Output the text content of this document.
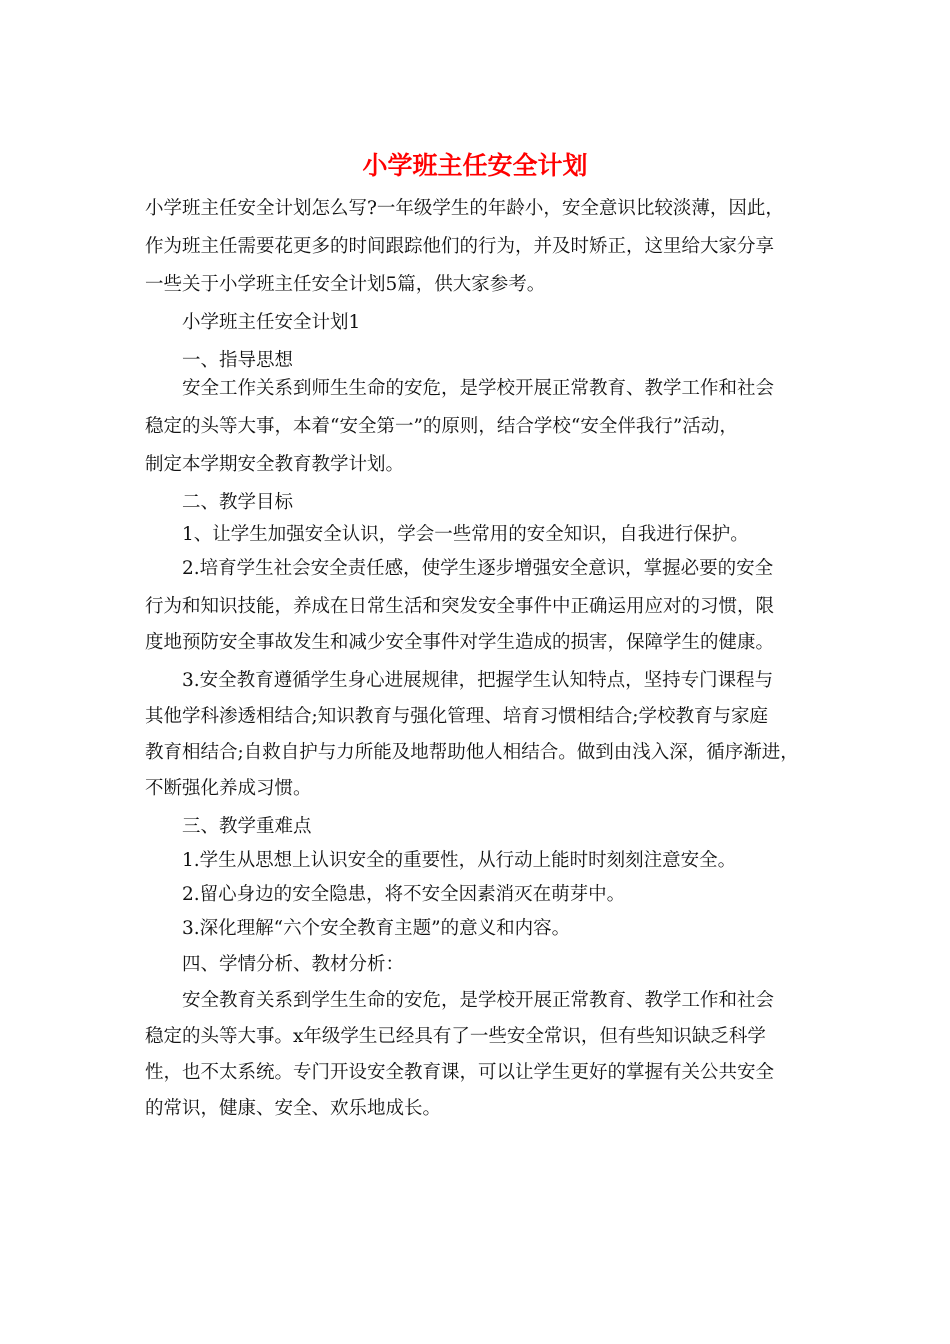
小学班主任安全计划

小学班主任安全计划怎么写?一年级学生的年龄小，安全意识比较淡薄，因此，

作为班主任需要花更多的时间跟踪他们的行为，并及时矫正，这里给大家分享

一些关于小学班主任安全计划5篇，供大家参考。

小学班主任安全计划1

一、指导思想

安全工作关系到师生生命的安危，是学校开展正常教育、教学工作和社会

稳定的头等大事，本着“安全第一”的原则，结合学校“安全伴我行”活动，

制定本学期安全教育教学计划。

二、教学目标

1、让学生加强安全认识，学会一些常用的安全知识，自我进行保护。

2.培育学生社会安全责任感，使学生逐步增强安全意识，掌握必要的安全

行为和知识技能，养成在日常生活和突发安全事件中正确运用应对的习惯，限

度地预防安全事故发生和减少安全事件对学生造成的损害，保障学生的健康。

3.安全教育遵循学生身心进展规律，把握学生认知特点，坚持专门课程与

其他学科渗透相结合;知识教育与强化管理、培育习惯相结合;学校教育与家庭

教育相结合;自救自护与力所能及地帮助他人相结合。做到由浅入深，循序渐进，

不断强化养成习惯。

三、教学重难点

1.学生从思想上认识安全的重要性，从行动上能时时刻刻注意安全。

2.留心身边的安全隐患，将不安全因素消灭在萌芽中。

3.深化理解“六个安全教育主题”的意义和内容。

四、学情分析、教材分析：

安全教育关系到学生生命的安危，是学校开展正常教育、教学工作和社会

稳定的头等大事。x年级学生已经具有了一些安全常识，但有些知识缺乏科学

性，也不太系统。专门开设安全教育课，可以让学生更好的掌握有关公共安全

的常识，健康、安全、欢乐地成长。
